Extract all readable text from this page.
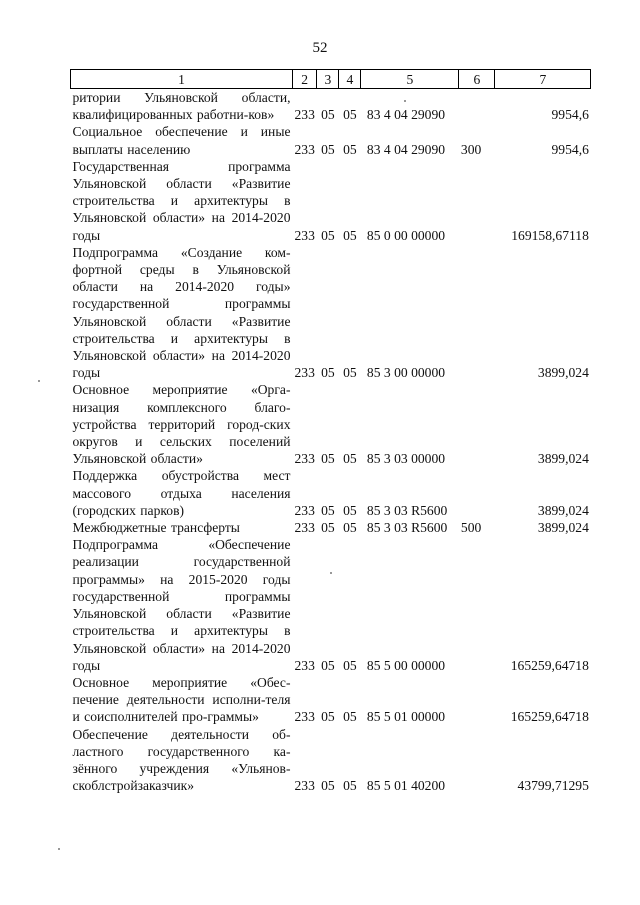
52
1	2	3	4	5	6	7
ритории Ульяновской области, квалифицированных работни-ков»	233	05	05	83 4 04 29090		9954,6
Социальное обеспечение и иные выплаты населению	233	05	05	83 4 04 29090	300	9954,6
Государственная программа Ульяновской области «Развитие строительства и архитектуры в Ульяновской области» на 2014-2020 годы	233	05	05	85 0 00 00000		169158,67118
Подпрограмма «Создание ком-фортной среды в Ульяновской области на 2014-2020 годы» государственной программы Ульяновской области «Развитие строительства и архитектуры в Ульяновской области» на 2014-2020 годы	233	05	05	85 3 00 00000		3899,024
Основное мероприятие «Орга-низация комплексного благо-устройства территорий город-ских округов и сельских поселений Ульяновской области»	233	05	05	85 3 03 00000		3899,024
Поддержка обустройства мест массового отдыха населения (городских парков)	233	05	05	85 3 03 R5600		3899,024
Межбюджетные трансферты	233	05	05	85 3 03 R5600	500	3899,024
Подпрограмма «Обеспечение реализации государственной программы» на 2015-2020 годы государственной программы Ульяновской области «Развитие строительства и архитектуры в Ульяновской области» на 2014-2020 годы	233	05	05	85 5 00 00000		165259,64718
Основное мероприятие «Обес-печение деятельности исполни-теля и соисполнителей про-граммы»	233	05	05	85 5 01 00000		165259,64718
Обеспечение деятельности об-ластного государственного ка-зённого учреждения «Ульянов-скоблстройзаказчик»	233	05	05	85 5 01 40200		43799,71295
